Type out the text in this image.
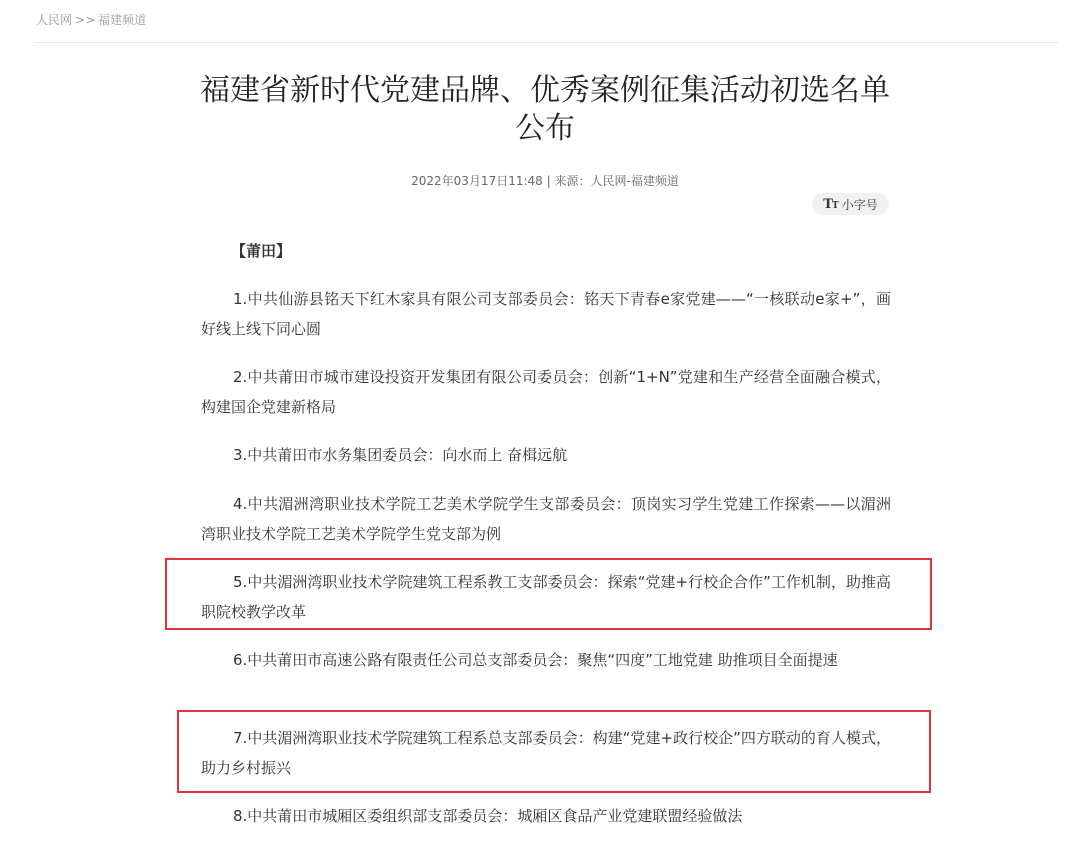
人民网 >> 福建频道
福建省新时代党建品牌、优秀案例征集活动初选名单公布
2022年03月17日11:48 | 来源：人民网-福建频道
TT 小字号

【莆田】

1.中共仙游县铭天下红木家具有限公司支部委员会：铭天下青春e家党建——“一核联动e家+”，画好线上线下同心圆

2.中共莆田市城市建设投资开发集团有限公司委员会：创新“1+N”党建和生产经营全面融合模式，构建国企党建新格局

3.中共莆田市水务集团委员会：向水而上 奋楫远航

4.中共湄洲湾职业技术学院工艺美术学院学生支部委员会：顶岗实习学生党建工作探索——以湄洲湾职业技术学院工艺美术学院学生党支部为例

5.中共湄洲湾职业技术学院建筑工程系教工支部委员会：探索“党建+行校企合作”工作机制，助推高职院校教学改革

6.中共莆田市高速公路有限责任公司总支部委员会：聚焦“四度”工地党建 助推项目全面提速

7.中共湄洲湾职业技术学院建筑工程系总支部委员会：构建“党建+政行校企”四方联动的育人模式，助力乡村振兴

8.中共莆田市城厢区委组织部支部委员会：城厢区食品产业党建联盟经验做法
